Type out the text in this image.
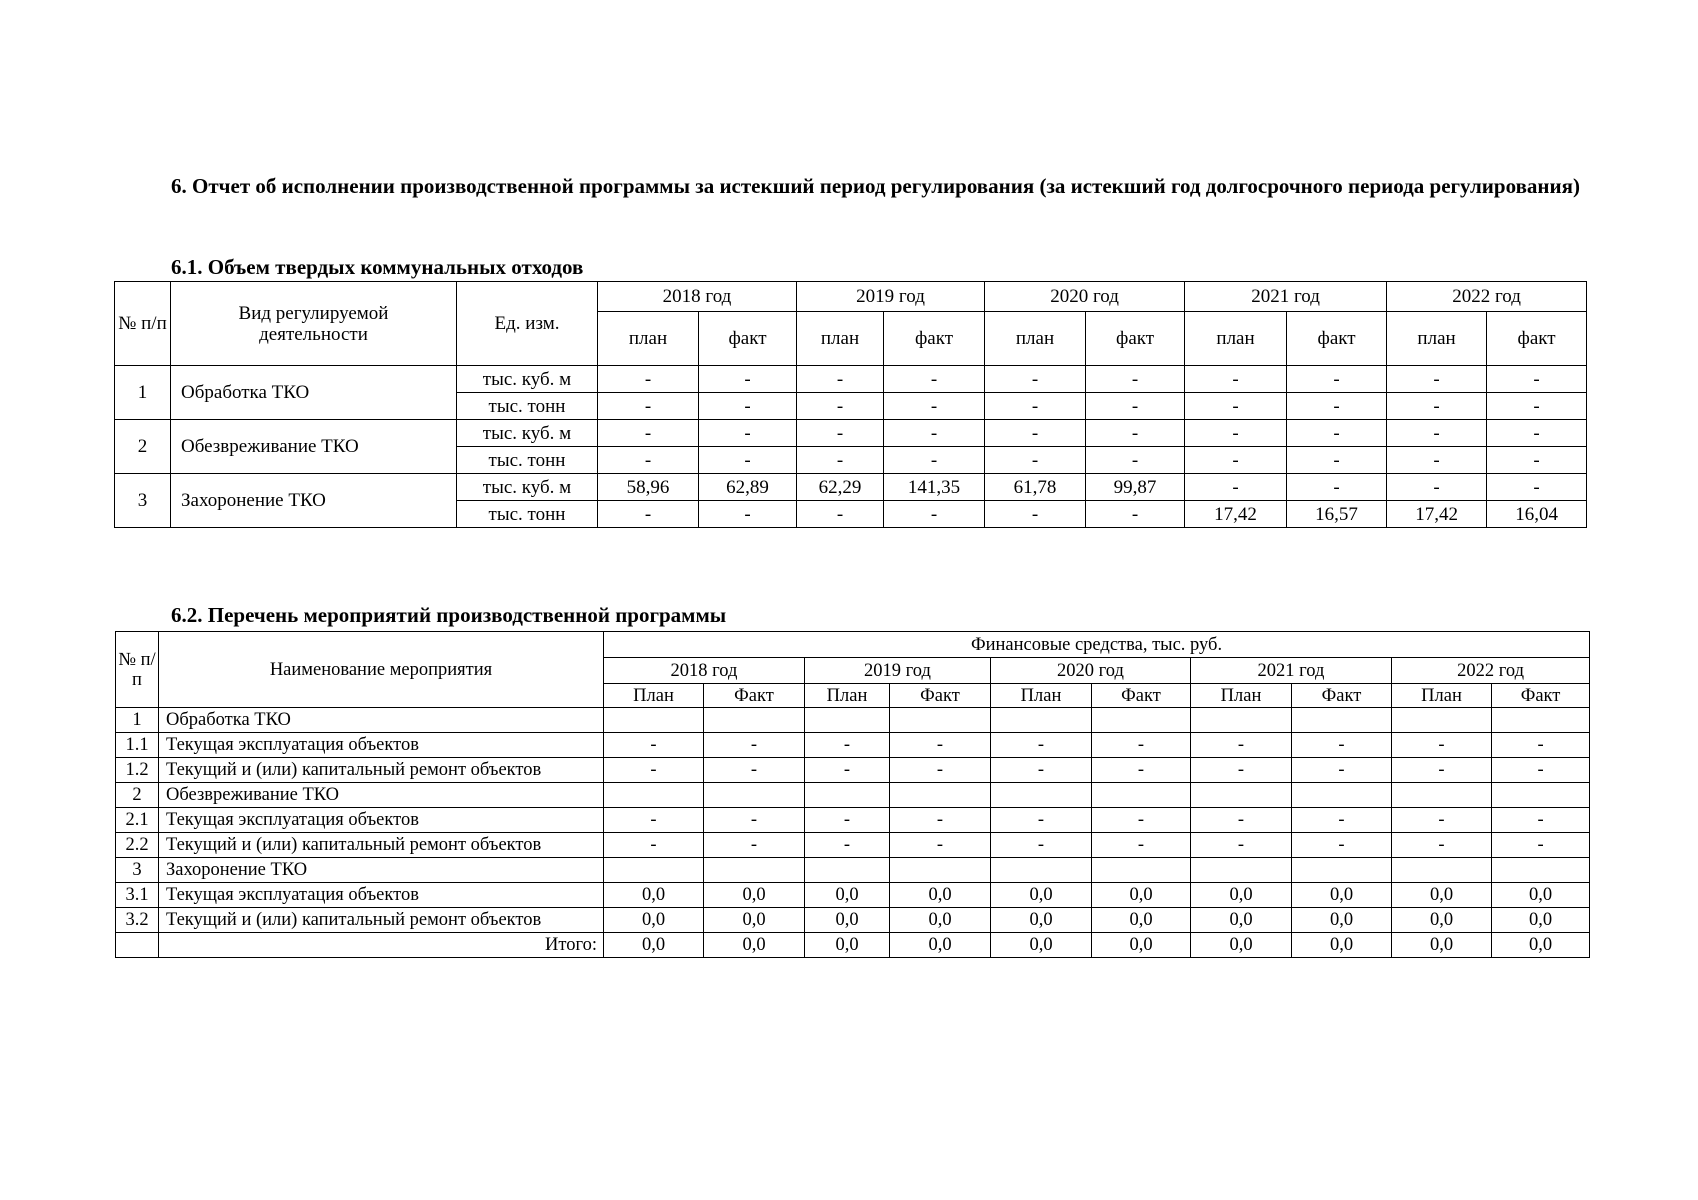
6. Отчет об исполнении производственной программы за истекший период регулирования (за истекший год долгосрочного периода регулирования)
6.1. Объем твердых коммунальных отходов
№ п/п	Вид регулируемой деятельности	Ед. изм.	2018 год		2019 год		2020 год		2021 год		2022 год	
			план	факт	план	факт	план	факт	план	факт	план	факт
1	Обработка ТКО	тыс. куб. м	-	-	-	-	-	-	-	-	-	-
		тыс. тонн	-	-	-	-	-	-	-	-	-	-
2	Обезвреживание ТКО	тыс. куб. м	-	-	-	-	-	-	-	-	-	-
		тыс. тонн	-	-	-	-	-	-	-	-	-	-
3	Захоронение ТКО	тыс. куб. м	58,96	62,89	62,29	141,35	61,78	99,87	-	-	-	-
		тыс. тонн	-	-	-	-	-	-	17,42	16,57	17,42	16,04
6.2. Перечень мероприятий производственной программы
№ п/п	Наименование мероприятия	Финансовые средства, тыс. руб.									
		2018 год		2019 год		2020 год		2021 год		2022 год	
		План	Факт	План	Факт	План	Факт	План	Факт	План	Факт
1	Обработка ТКО										
1.1	Текущая эксплуатация объектов	-	-	-	-	-	-	-	-	-	-
1.2	Текущий и (или) капитальный ремонт объектов	-	-	-	-	-	-	-	-	-	-
2	Обезвреживание ТКО										
2.1	Текущая эксплуатация объектов	-	-	-	-	-	-	-	-	-	-
2.2	Текущий и (или) капитальный ремонт объектов	-	-	-	-	-	-	-	-	-	-
3	Захоронение ТКО										
3.1	Текущая эксплуатация объектов	0,0	0,0	0,0	0,0	0,0	0,0	0,0	0,0	0,0	0,0
3.2	Текущий и (или) капитальный ремонт объектов	0,0	0,0	0,0	0,0	0,0	0,0	0,0	0,0	0,0	0,0
	Итого:	0,0	0,0	0,0	0,0	0,0	0,0	0,0	0,0	0,0	0,0
